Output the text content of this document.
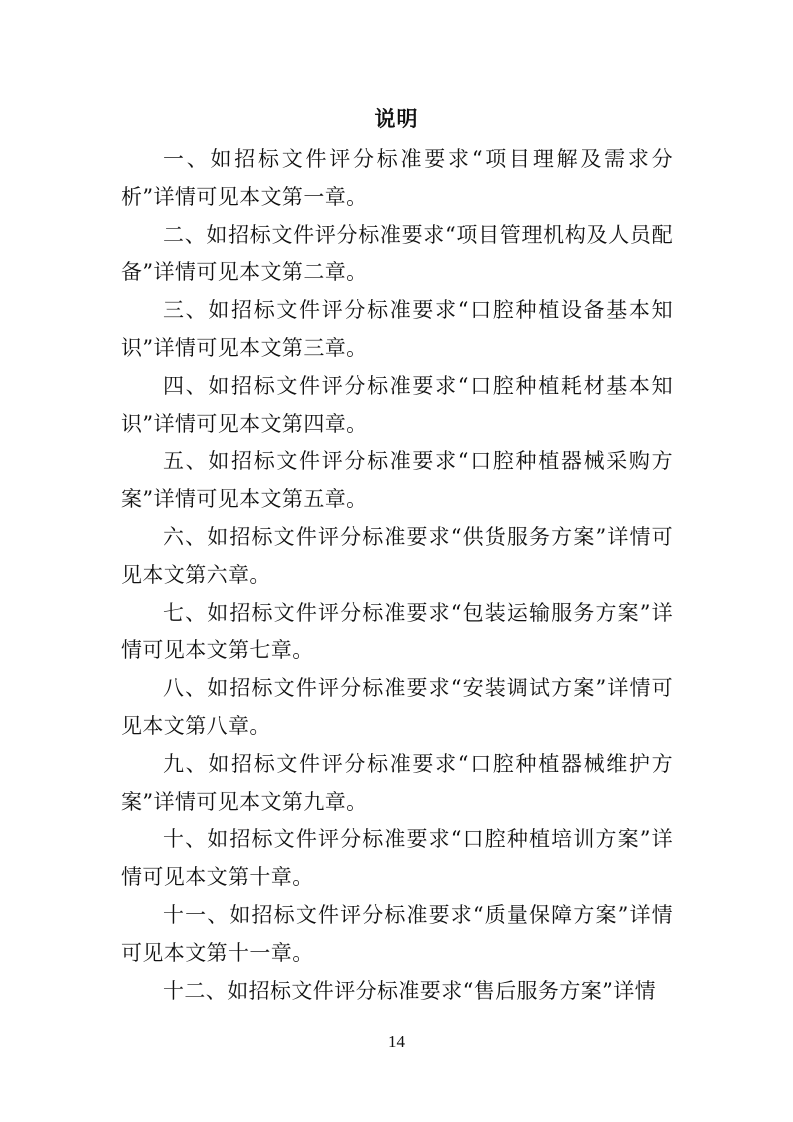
说明

一、如招标文件评分标准要求“项目理解及需求分析”详情可见本文第一章。

二、如招标文件评分标准要求“项目管理机构及人员配备”详情可见本文第二章。

三、如招标文件评分标准要求“口腔种植设备基本知识”详情可见本文第三章。

四、如招标文件评分标准要求“口腔种植耗材基本知识”详情可见本文第四章。

五、如招标文件评分标准要求“口腔种植器械采购方案”详情可见本文第五章。

六、如招标文件评分标准要求“供货服务方案”详情可见本文第六章。

七、如招标文件评分标准要求“包装运输服务方案”详情可见本文第七章。

八、如招标文件评分标准要求“安装调试方案”详情可见本文第八章。

九、如招标文件评分标准要求“口腔种植器械维护方案”详情可见本文第九章。

十、如招标文件评分标准要求“口腔种植培训方案”详情可见本文第十章。

十一、如招标文件评分标准要求“质量保障方案”详情可见本文第十一章。

十二、如招标文件评分标准要求“售后服务方案”详情

14
